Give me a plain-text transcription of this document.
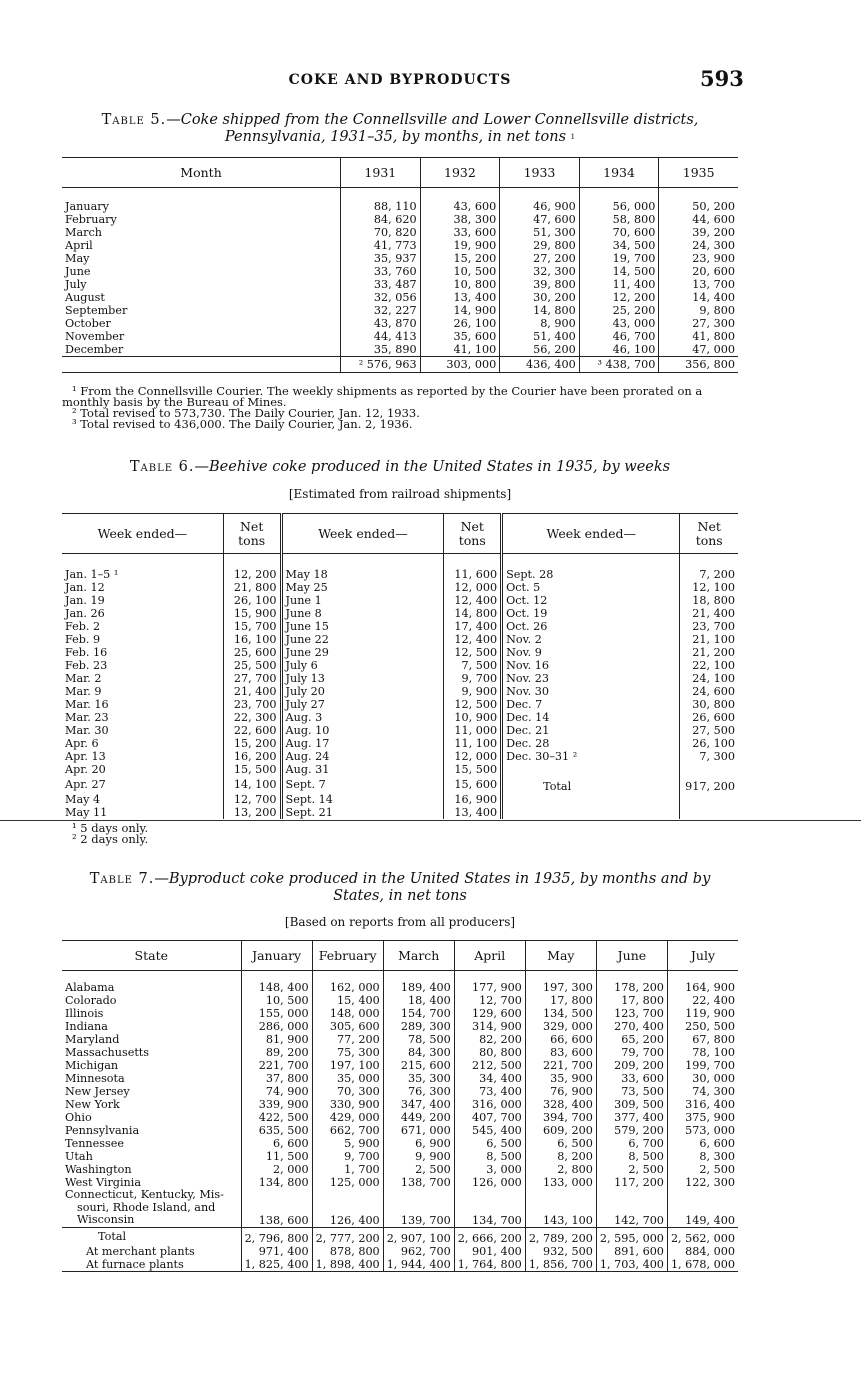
COKE AND BYPRODUCTS	593
Table 5.—Coke shipped from the Connellsville and Lower Connellsville districts, Pennsylvania, 1931–35, by months, in net tons $^1$
Month	1931	1932	1933	1934	1935
January	88, 110	43, 600	46, 900	56, 000	50, 200
February	84, 620	38, 300	47, 600	58, 800	44, 600
March	70, 820	33, 600	51, 300	70, 600	39, 200
April	41, 773	19, 900	29, 800	34, 500	24, 300
May	35, 937	15, 200	27, 200	19, 700	23, 900
June	33, 760	10, 500	32, 300	14, 500	20, 600
July	33, 487	10, 800	39, 800	11, 400	13, 700
August	32, 056	13, 400	30, 200	12, 200	14, 400
September	32, 227	14, 900	14, 800	25, 200	9, 800
October	43, 870	26, 100	8, 900	43, 000	27, 300
November	44, 413	35, 600	51, 400	46, 700	41, 800
December	35, 890	41, 100	56, 200	46, 100	47, 000
	² 576, 963	303, 000	436, 400	³ 438, 700	356, 800
¹ From the Connellsville Courier. The weekly shipments as reported by the Courier have been prorated on a monthly basis by the Bureau of Mines.
² Total revised to 573,730. The Daily Courier, Jan. 12, 1933.
³ Total revised to 436,000. The Daily Courier, Jan. 2, 1936.
Table 6.—Beehive coke produced in the United States in 1935, by weeks
[Estimated from railroad shipments]
Week ended—	Net tons	Week ended—	Net tons	Week ended—	Net tons
Jan. 1–5 ¹	12, 200	May 18	11, 600	Sept. 28	7, 200
Jan. 12	21, 800	May 25	12, 000	Oct. 5	12, 100
Jan. 19	26, 100	June 1	12, 400	Oct. 12	18, 800
Jan. 26	15, 900	June 8	14, 800	Oct. 19	21, 400
Feb. 2	15, 700	June 15	17, 400	Oct. 26	23, 700
Feb. 9	16, 100	June 22	12, 400	Nov. 2	21, 100
Feb. 16	25, 600	June 29	12, 500	Nov. 9	21, 200
Feb. 23	25, 500	July 6	7, 500	Nov. 16	22, 100
Mar. 2	27, 700	July 13	9, 700	Nov. 23	24, 100
Mar. 9	21, 400	July 20	9, 900	Nov. 30	24, 600
Mar. 16	23, 700	July 27	12, 500	Dec. 7	30, 800
Mar. 23	22, 300	Aug. 3	10, 900	Dec. 14	26, 600
Mar. 30	22, 600	Aug. 10	11, 000	Dec. 21	27, 500
Apr. 6	15, 200	Aug. 17	11, 100	Dec. 28	26, 100
Apr. 13	16, 200	Aug. 24	12, 000	Dec. 30–31 ²	7, 300
Apr. 20	15, 500	Aug. 31	15, 500		
Apr. 27	14, 100	Sept. 7	15, 600	Total	917, 200
May 4	12, 700	Sept. 14	16, 900		
May 11	13, 200	Sept. 21	13, 400		
¹ 5 days only.
² 2 days only.
Table 7.—Byproduct coke produced in the United States in 1935, by months and by States, in net tons
[Based on reports from all producers]
State	January	February	March	April	May	June	July
Alabama	148, 400	162, 000	189, 400	177, 900	197, 300	178, 200	164, 900
Colorado	10, 500	15, 400	18, 400	12, 700	17, 800	17, 800	22, 400
Illinois	155, 000	148, 000	154, 700	129, 600	134, 500	123, 700	119, 900
Indiana	286, 000	305, 600	289, 300	314, 900	329, 000	270, 400	250, 500
Maryland	81, 900	77, 200	78, 500	82, 200	66, 600	65, 200	67, 800
Massachusetts	89, 200	75, 300	84, 300	80, 800	83, 600	79, 700	78, 100
Michigan	221, 700	197, 100	215, 600	212, 500	221, 700	209, 200	199, 700
Minnesota	37, 800	35, 000	35, 300	34, 400	35, 900	33, 600	30, 000
New Jersey	74, 900	70, 300	76, 300	73, 400	76, 900	73, 500	74, 300
New York	339, 900	330, 900	347, 400	316, 000	328, 400	309, 500	316, 400
Ohio	422, 500	429, 000	449, 200	407, 700	394, 700	377, 400	375, 900
Pennsylvania	635, 500	662, 700	671, 000	545, 400	609, 200	579, 200	573, 000
Tennessee	6, 600	5, 900	6, 900	6, 500	6, 500	6, 700	6, 600
Utah	11, 500	9, 700	9, 900	8, 500	8, 200	8, 500	8, 300
Washington	2, 000	1, 700	2, 500	3, 000	2, 800	2, 500	2, 500
West Virginia	134, 800	125, 000	138, 700	126, 000	133, 000	117, 200	122, 300

Connecticut, Kentucky, Mis-
souri, Rhode Island, and
Wisconsin	138, 600	126, 400	139, 700	134, 700	143, 100	142, 700	149, 400
Total	2, 796, 800	2, 777, 200	2, 907, 100	2, 666, 200	2, 789, 200	2, 595, 000	2, 562, 000
At merchant plants	971, 400	878, 800	962, 700	901, 400	932, 500	891, 600	884, 000
At furnace plants	1, 825, 400	1, 898, 400	1, 944, 400	1, 764, 800	1, 856, 700	1, 703, 400	1, 678, 000
